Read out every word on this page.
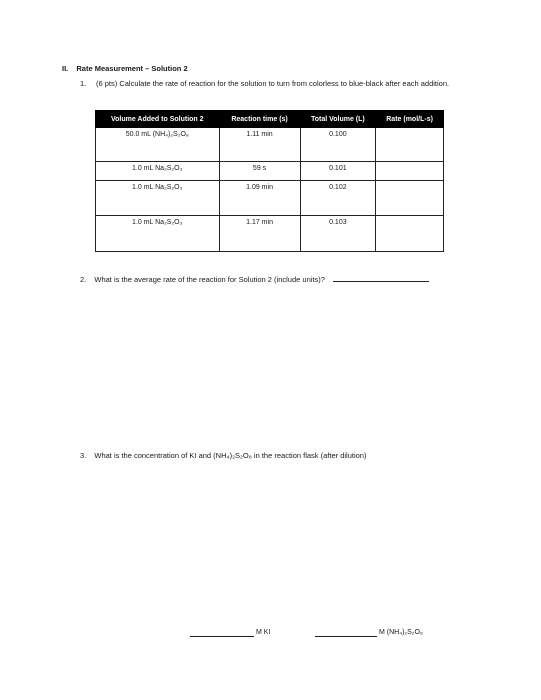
II. Rate Measurement – Solution 2
1. (6 pts) Calculate the rate of reaction for the solution to turn from colorless to blue-black after each addition.
Volume Added to Solution 2	Reaction time (s)	Total Volume (L)	Rate (mol/L-s)
50.0 mL (NH₄)₂S₂O₈	1.11 min	0.100	
1.0 mL Na₂S₂O₃	59 s	0.101	
1.0 mL Na₂S₂O₃	1.09 min	0.102	
1.0 mL Na₂S₂O₃	1.17 min	0.103	
2. What is the average rate of the reaction for Solution 2 (include units)?
3. What is the concentration of KI and (NH₄)₂S₂O₈ in the reaction flask (after dilution)
M KI	M (NH₄)₂S₂O₈
